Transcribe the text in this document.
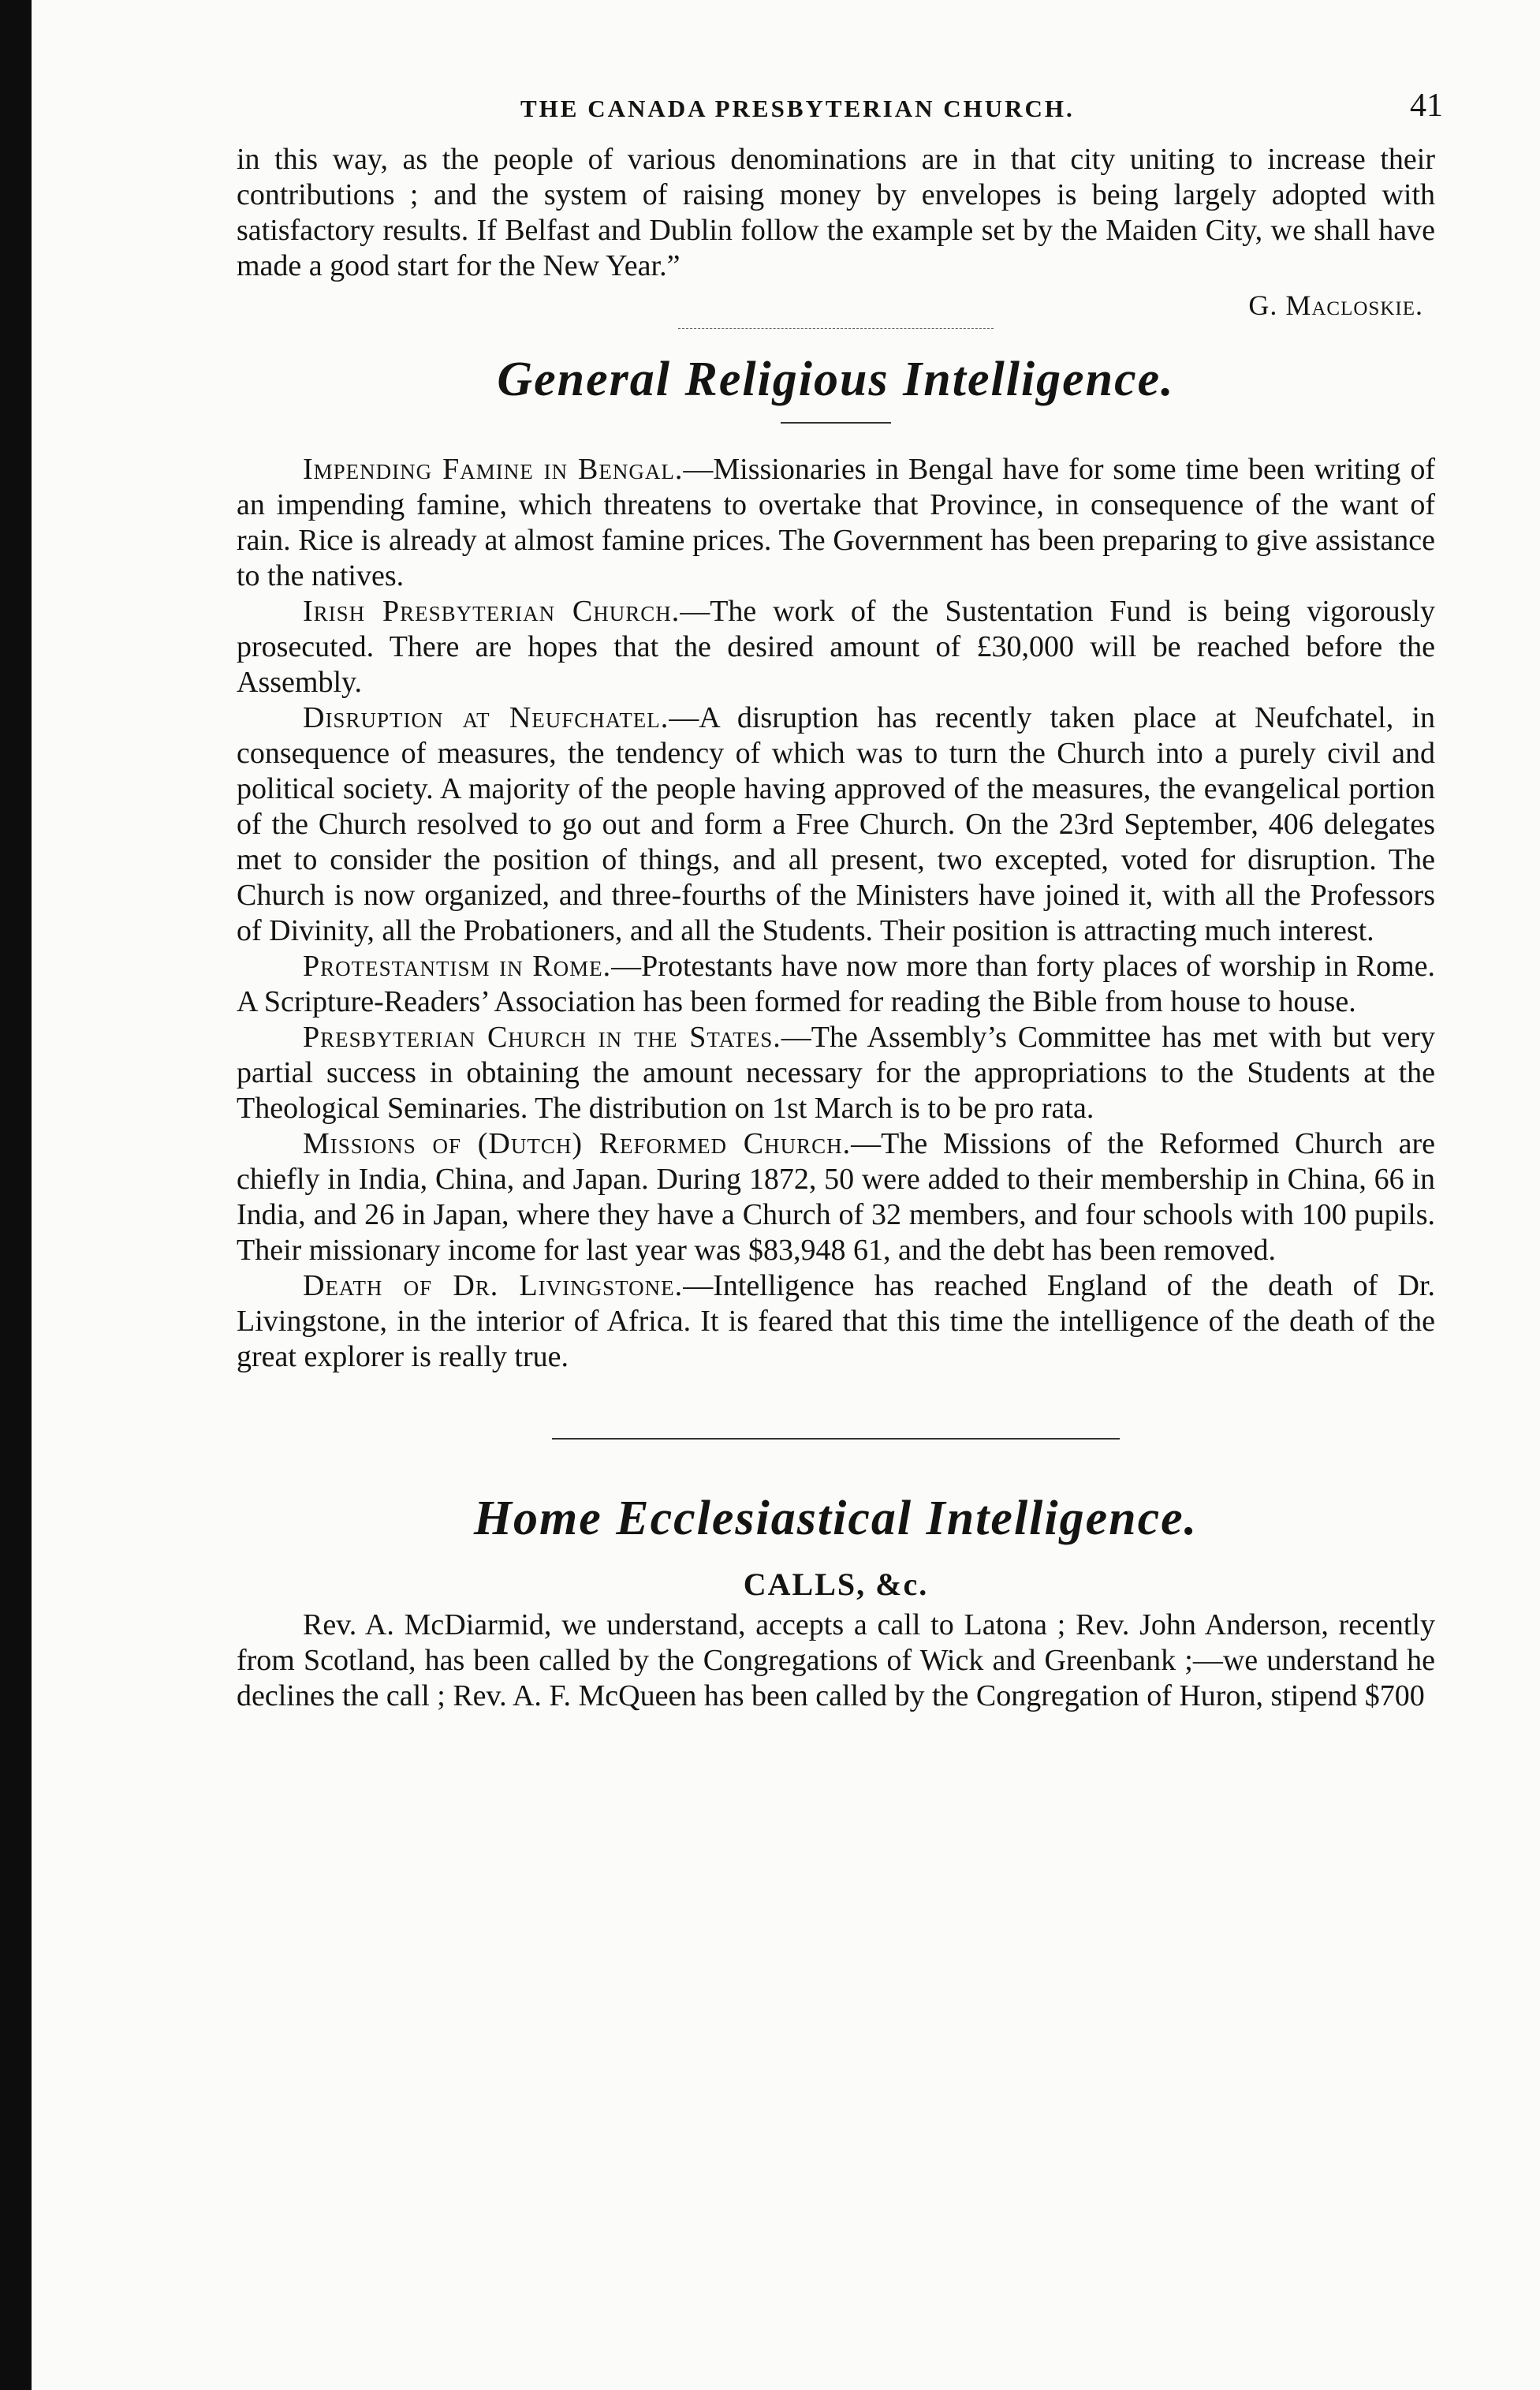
THE CANADA PRESBYTERIAN CHURCH.	41

in this way, as the people of various denominations are in that city uniting to increase their contributions ; and the system of raising money by envelopes is being largely adopted with satisfactory results. If Belfast and Dublin follow the example set by the Maiden City, we shall have made a good start for the New Year.”

G. Macloskie.
General Religious Intelligence.

Impending Famine in Bengal.—Missionaries in Bengal have for some time been writing of an impending famine, which threatens to overtake that Province, in consequence of the want of rain. Rice is already at almost famine prices. The Government has been preparing to give assistance to the natives.

Irish Presbyterian Church.—The work of the Sustentation Fund is being vigorously prosecuted. There are hopes that the desired amount of £30,000 will be reached before the Assembly.

Disruption at Neufchatel.—A disruption has recently taken place at Neufchatel, in consequence of measures, the tendency of which was to turn the Church into a purely civil and political society. A majority of the people having approved of the measures, the evangelical portion of the Church resolved to go out and form a Free Church. On the 23rd September, 406 delegates met to consider the position of things, and all present, two excepted, voted for disruption. The Church is now organized, and three-fourths of the Ministers have joined it, with all the Professors of Divinity, all the Probationers, and all the Students. Their position is attracting much interest.

Protestantism in Rome.—Protestants have now more than forty places of worship in Rome. A Scripture-Readers’ Association has been formed for reading the Bible from house to house.

Presbyterian Church in the States.—The Assembly’s Committee has met with but very partial success in obtaining the amount necessary for the appropriations to the Students at the Theological Seminaries. The distribution on 1st March is to be pro rata.

Missions of (Dutch) Reformed Church.—The Missions of the Reformed Church are chiefly in India, China, and Japan. During 1872, 50 were added to their membership in China, 66 in India, and 26 in Japan, where they have a Church of 32 members, and four schools with 100 pupils. Their missionary income for last year was $83,948 61, and the debt has been removed.

Death of Dr. Livingstone.—Intelligence has reached England of the death of Dr. Livingstone, in the interior of Africa. It is feared that this time the intelligence of the death of the great explorer is really true.

Home Ecclesiastical Intelligence.
CALLS, &c.

Rev. A. McDiarmid, we understand, accepts a call to Latona ; Rev. John Anderson, recently from Scotland, has been called by the Congregations of Wick and Greenbank ;—we understand he declines the call ; Rev. A. F. McQueen has been called by the Congregation of Huron, stipend $700
